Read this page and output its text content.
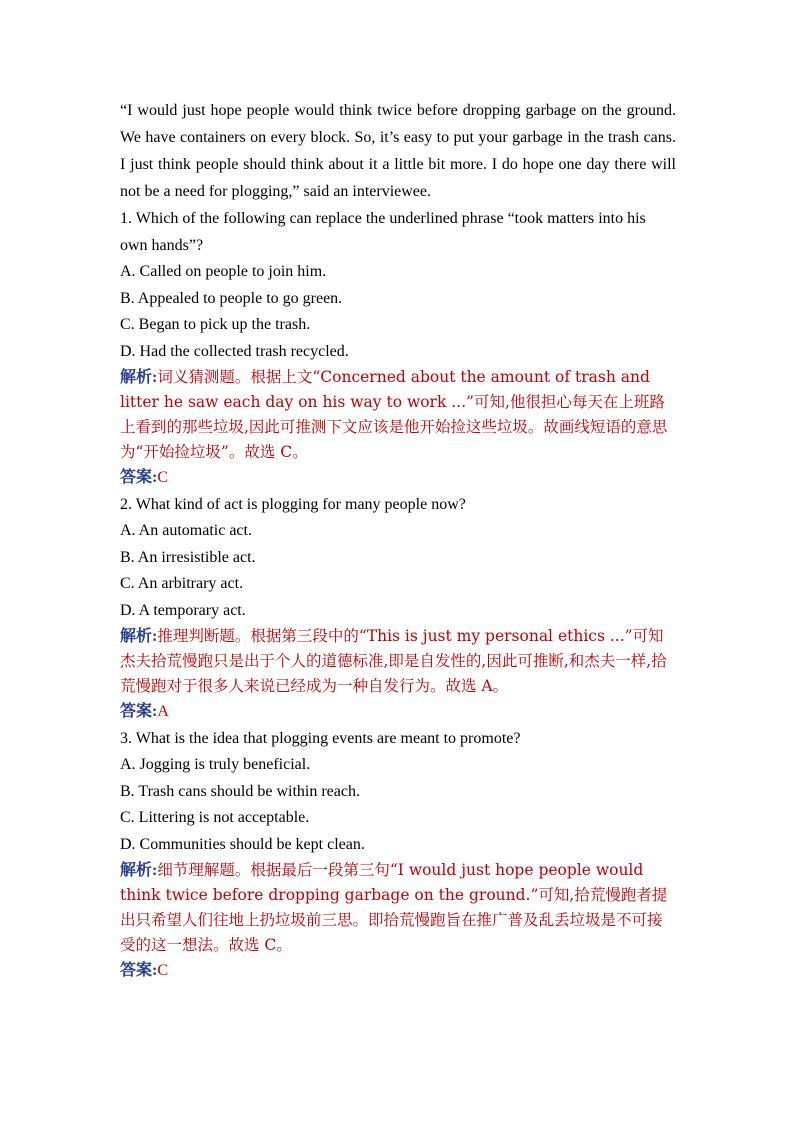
“I would just hope people would think twice before dropping garbage on the ground. We have containers on every block. So, it’s easy to put your garbage in the trash cans. I just think people should think about it a little bit more. I do hope one day there will not be a need for plogging,” said an interviewee.
1. Which of the following can replace the underlined phrase “took matters into his own hands”?
A. Called on people to join him.
B. Appealed to people to go green.
C. Began to pick up the trash.
D. Had the collected trash recycled.
解析:词义猜测题。根据上文“Concerned about the amount of trash and litter he saw each day on his way to work ...”可知,他很担心每天在上班路上看到的那些垃圾,因此可推测下文应该是他开始捡这些垃圾。故画线短语的意思为“开始捡垃圾”。故选 C。
答案:C
2. What kind of act is plogging for many people now?
A. An automatic act.
B. An irresistible act.
C. An arbitrary act.
D. A temporary act.
解析:推理判断题。根据第三段中的“This is just my personal ethics ...”可知杰夫拾荒慢跑只是出于个人的道德标准,即是自发性的,因此可推断,和杰夫一样,拾荒慢跑对于很多人来说已经成为一种自发行为。故选 A。
答案:A
3. What is the idea that plogging events are meant to promote?
A. Jogging is truly beneficial.
B. Trash cans should be within reach.
C. Littering is not acceptable.
D. Communities should be kept clean.
解析:细节理解题。根据最后一段第三句“I would just hope people would think twice before dropping garbage on the ground.”可知,拾荒慢跑者提出只希望人们往地上扔垃圾前三思。即拾荒慢跑旨在推广普及乱丢垃圾是不可接受的这一想法。故选 C。
答案:C
